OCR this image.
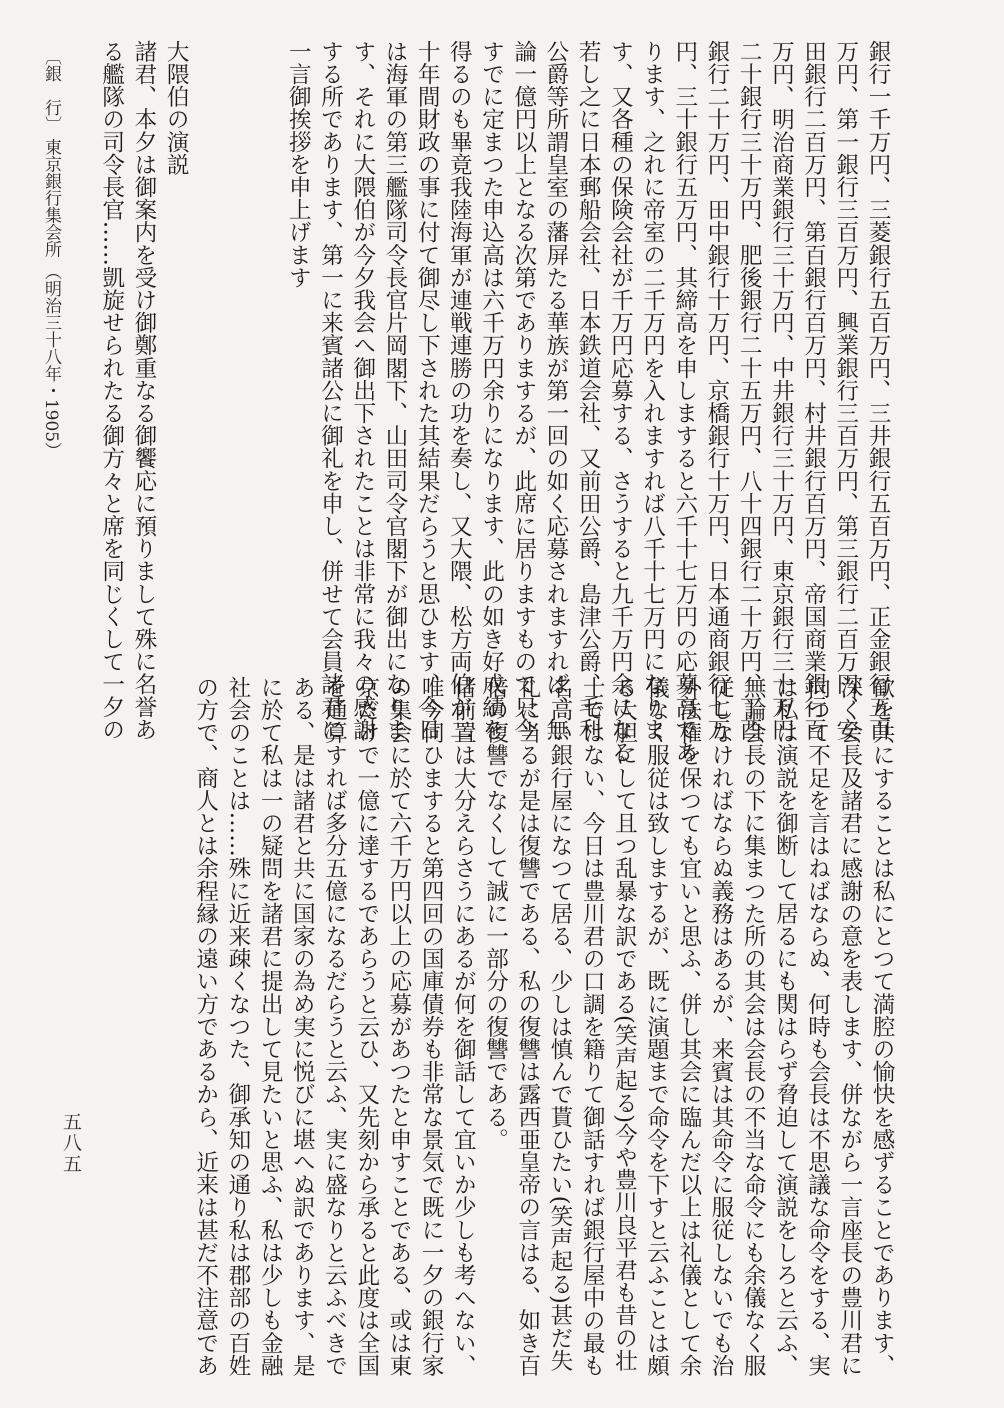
銀行一千万円、三菱銀行五百万円、三井銀行五百万円、正金銀行五百
万円、第一銀行三百万円、興業銀行三百万円、第三銀行二百万円、安
田銀行二百万円、第百銀行百万円、村井銀行百万円、帝国商業銀行百
万円、明治商業銀行三十万円、中井銀行三十万円、東京銀行三十万円
二十銀行三十万円、肥後銀行二十五万円、八十四銀行二十万円、丁酉
銀行二十万円、田中銀行十万円、京橋銀行十万円、日本通商銀行七万
円、三十銀行五万円、其締高を申しますると六千十七万円の応募高であ
ります、之れに帝室の二千万円を入れますれば八千十七万円になりま
す、又各種の保険会社が千万円応募する、さうすると九千万円余になる
若し之に日本郵船会社、日本鉄道会社、又前田公爵、島津公爵、毛利
公爵等所謂皇室の藩屏たる華族が第一回の如く応募されますれば、無
論一億円以上となる次第でありまするが、此席に居りますもので只今
すでに定まつた申込高は六千万円余りになります、此の如き好成績を
得るのも畢竟我陸海軍が連戦連勝の功を奏し、又大隈、松方両伯が二
十年間財政の事に付て御尽し下された其結果だらうと思ひます、今日
は海軍の第三艦隊司令長官片岡閣下、山田司令官閣下が御出になりま
す、それに大隈伯が今夕我会へ御出下されたことは非常に我々の感謝
する所であります、第一に来賓諸公に御礼を申し、併せて会員諸君に
一言御挨拶を申上げます
大隈伯の演説
諸君、本夕は御案内を受け御鄭重なる御饗応に預りまして殊に名誉あ
る艦隊の司令長官……凱旋せられたる御方々と席を同じくして一夕の
歓を共にすることは私にとつて満腔の愉快を感ずることであります、
深く会長及諸君に感謝の意を表します、併ながら一言座長の豊川君に
向つて不足を言はねばならぬ、何時も会長は不思議な命令をする、実
は私は演説を御断して居るにも関はらず脅迫して演説をしろと云ふ、
無論会長の下に集まつた所の其会は会長の不当な命令にも余儀なく服
従しなければならぬ義務はあるが、来賓は其命令に服従しないでも治
外法権を保つても宜いと思ふ、併し其会に臨んだ以上は礼儀として余
儀なく服従は致しまするが、既に演題まで命令を下すと云ふことは頗
る大胆にして且つ乱暴な訳である(笑声起る)今や豊川良平君も昔の壮
士ではない、今日は豊川君の口調を籍りて御話すれば銀行屋中の最も
名高い銀行屋になつて居る、少しは慎んで貰ひたい(笑声起る)甚だ失
礼に当るが是は復讐である、私の復讐は露西亜皇帝の言はる、如き百
倍の復讐でなくして誠に一部分の復讐である。
偖前置は大分えらさうにあるが何を御話して宜いか少しも考へない、
唯今伺ひますると第四回の国庫債券も非常な景気で既に一夕の銀行家
の集会に於て六千万円以上の応募があつたと申すことである、或は東
京だけで一億に達するであらうと云ひ、又先刻から承ると此度は全国
を通算すれば多分五億になるだらうと云ふ、実に盛なりと云ふべきで
ある、是は諸君と共に国家の為め実に悦びに堪へぬ訳であります、是
に於て私は一の疑問を諸君に提出して見たいと思ふ、私は少しも金融
社会のことは……殊に近来疎くなつた、御承知の通り私は郡部の百姓
の方で、商人とは余程縁の遠い方であるから、近来は甚だ不注意であ
〔銀　行〕 東京銀行集会所 （明治三十八年・1905）
五八五
